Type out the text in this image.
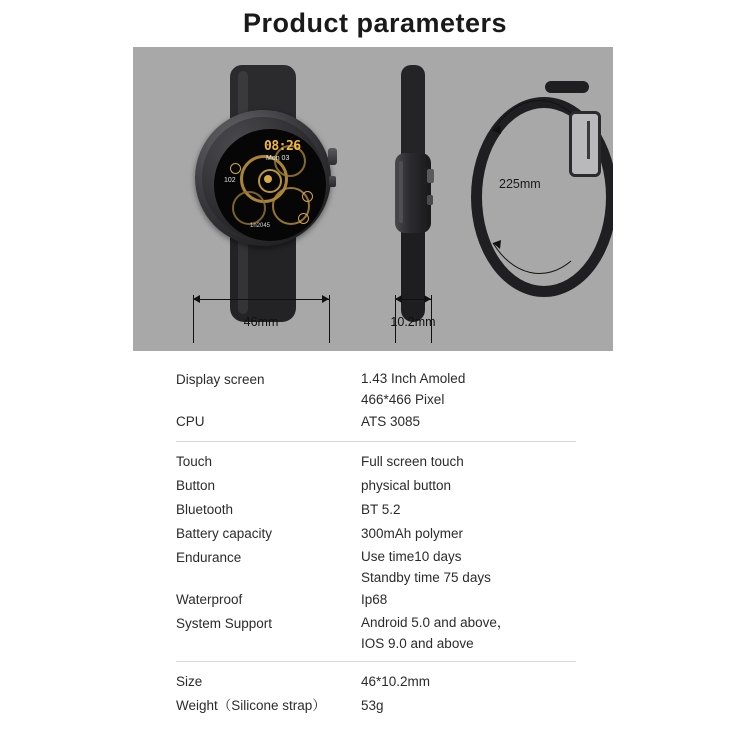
Product parameters
08:26
Mon 03
102
1n2045
225mm
46mm	10.2mm
Display screen	1.43 Inch Amoled
466*466 Pixel
CPU	ATS 3085
Touch	Full screen touch
Button	physical button
Bluetooth	BT 5.2
Battery capacity	300mAh polymer
Endurance	Use time10 days
Standby time 75 days
Waterproof	Ip68
System Support	Android 5.0 and above，
IOS 9.0 and above
Size	46*10.2mm
Weight（Silicone strap）	53g
